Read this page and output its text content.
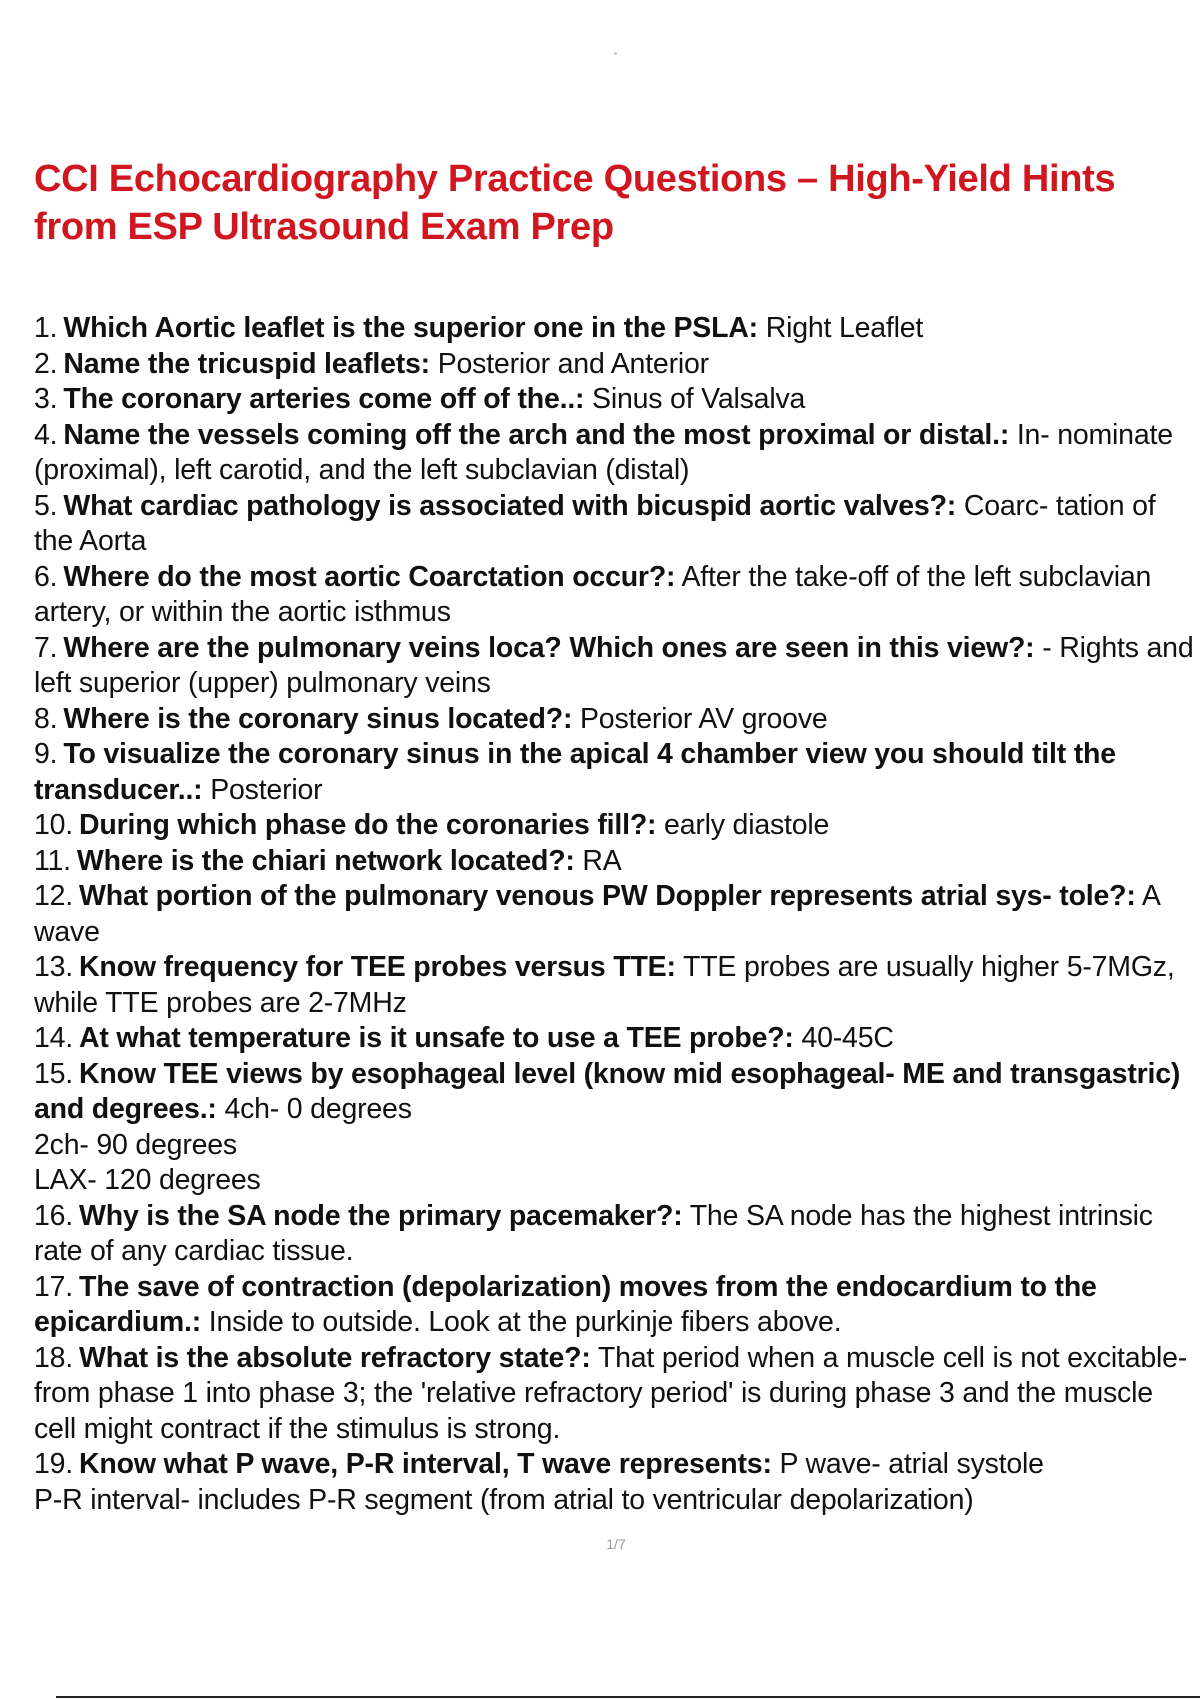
CCI Echocardiography Practice Questions – High-Yield Hints from ESP Ultrasound Exam Prep
1. Which Aortic leaflet is the superior one in the PSLA: Right Leaflet
2. Name the tricuspid leaflets: Posterior and Anterior
3. The coronary arteries come off of the..: Sinus of Valsalva
4. Name the vessels coming off the arch and the most proximal or distal.: In- nominate (proximal), left carotid, and the left subclavian (distal)
5. What cardiac pathology is associated with bicuspid aortic valves?: Coarc- tation of the Aorta
6. Where do the most aortic Coarctation occur?: After the take-off of the left subclavian artery, or within the aortic isthmus
7. Where are the pulmonary veins loca? Which ones are seen in this view?: - Rights and left superior (upper) pulmonary veins
8. Where is the coronary sinus located?: Posterior AV groove
9. To visualize the coronary sinus in the apical 4 chamber view you should tilt the transducer..: Posterior
10. During which phase do the coronaries fill?: early diastole
11. Where is the chiari network located?: RA
12. What portion of the pulmonary venous PW Doppler represents atrial sys- tole?: A wave
13. Know frequency for TEE probes versus TTE: TTE probes are usually higher 5-7MGz, while TTE probes are 2-7MHz
14. At what temperature is it unsafe to use a TEE probe?: 40-45C
15. Know TEE views by esophageal level (know mid esophageal- ME and transgastric) and degrees.: 4ch- 0 degrees
2ch- 90 degrees
LAX- 120 degrees
16. Why is the SA node the primary pacemaker?: The SA node has the highest intrinsic rate of any cardiac tissue.
17. The save of contraction (depolarization) moves from the endocardium to the epicardium.: Inside to outside. Look at the purkinje fibers above.
18. What is the absolute refractory state?: That period when a muscle cell is not excitable- from phase 1 into phase 3; the 'relative refractory period' is during phase 3 and the muscle cell might contract if the stimulus is strong.
19. Know what P wave, P-R interval, T wave represents: P wave- atrial systole
P-R interval- includes P-R segment (from atrial to ventricular depolarization)
1/7
